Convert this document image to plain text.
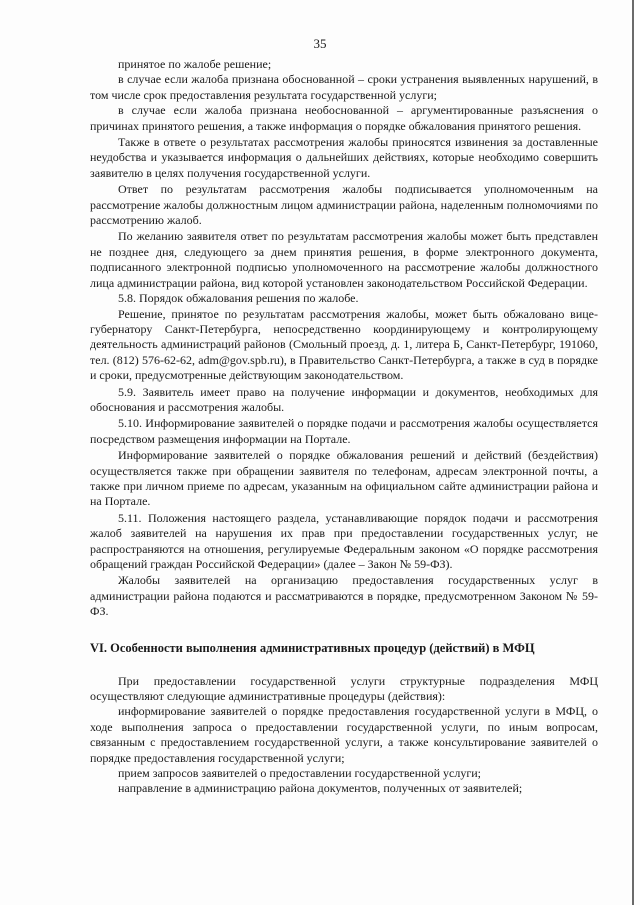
35

принятое по жалобе решение;

в случае если жалоба признана обоснованной – сроки устранения выявленных нарушений, в том числе срок предоставления результата государственной услуги;

в случае если жалоба признана необоснованной – аргументированные разъяснения о причинах принятого решения, а также информация о порядке обжалования принятого решения.

Также в ответе о результатах рассмотрения жалобы приносятся извинения за доставленные неудобства и указывается информация о дальнейших действиях, которые необходимо совершить заявителю в целях получения государственной услуги.

Ответ по результатам рассмотрения жалобы подписывается уполномоченным на рассмотрение жалобы должностным лицом администрации района, наделенным полномочиями по рассмотрению жалоб.

По желанию заявителя ответ по результатам рассмотрения жалобы может быть представлен не позднее дня, следующего за днем принятия решения, в форме электронного документа, подписанного электронной подписью уполномоченного на рассмотрение жалобы должностного лица администрации района, вид которой установлен законодательством Российской Федерации.

5.8. Порядок обжалования решения по жалобе.

Решение, принятое по результатам рассмотрения жалобы, может быть обжаловано вице-губернатору Санкт-Петербурга, непосредственно координирующему и контролирующему деятельность администраций районов (Смольный проезд, д. 1, литера Б, Санкт-Петербург, 191060, тел. (812) 576-62-62, adm@gov.spb.ru), в Правительство Санкт-Петербурга, а также в суд в порядке и сроки, предусмотренные действующим законодательством.

5.9. Заявитель имеет право на получение информации и документов, необходимых для обоснования и рассмотрения жалобы.

5.10. Информирование заявителей о порядке подачи и рассмотрения жалобы осуществляется посредством размещения информации на Портале.

Информирование заявителей о порядке обжалования решений и действий (бездействия) осуществляется также при обращении заявителя по телефонам, адресам электронной почты, а также при личном приеме по адресам, указанным на официальном сайте администрации района и на Портале.

5.11. Положения настоящего раздела, устанавливающие порядок подачи и рассмотрения жалоб заявителей на нарушения их прав при предоставлении государственных услуг, не распространяются на отношения, регулируемые Федеральным законом «О порядке рассмотрения обращений граждан Российской Федерации» (далее – Закон № 59-ФЗ).

Жалобы заявителей на организацию предоставления государственных услуг в администрации района подаются и рассматриваются в порядке, предусмотренном Законом № 59-ФЗ.

VI. Особенности выполнения административных процедур (действий) в МФЦ

При предоставлении государственной услуги структурные подразделения МФЦ осуществляют следующие административные процедуры (действия):

информирование заявителей о порядке предоставления государственной услуги в МФЦ, о ходе выполнения запроса о предоставлении государственной услуги, по иным вопросам, связанным с предоставлением государственной услуги, а также консультирование заявителей о порядке предоставления государственной услуги;

прием запросов заявителей о предоставлении государственной услуги;

направление в администрацию района документов, полученных от заявителей;
